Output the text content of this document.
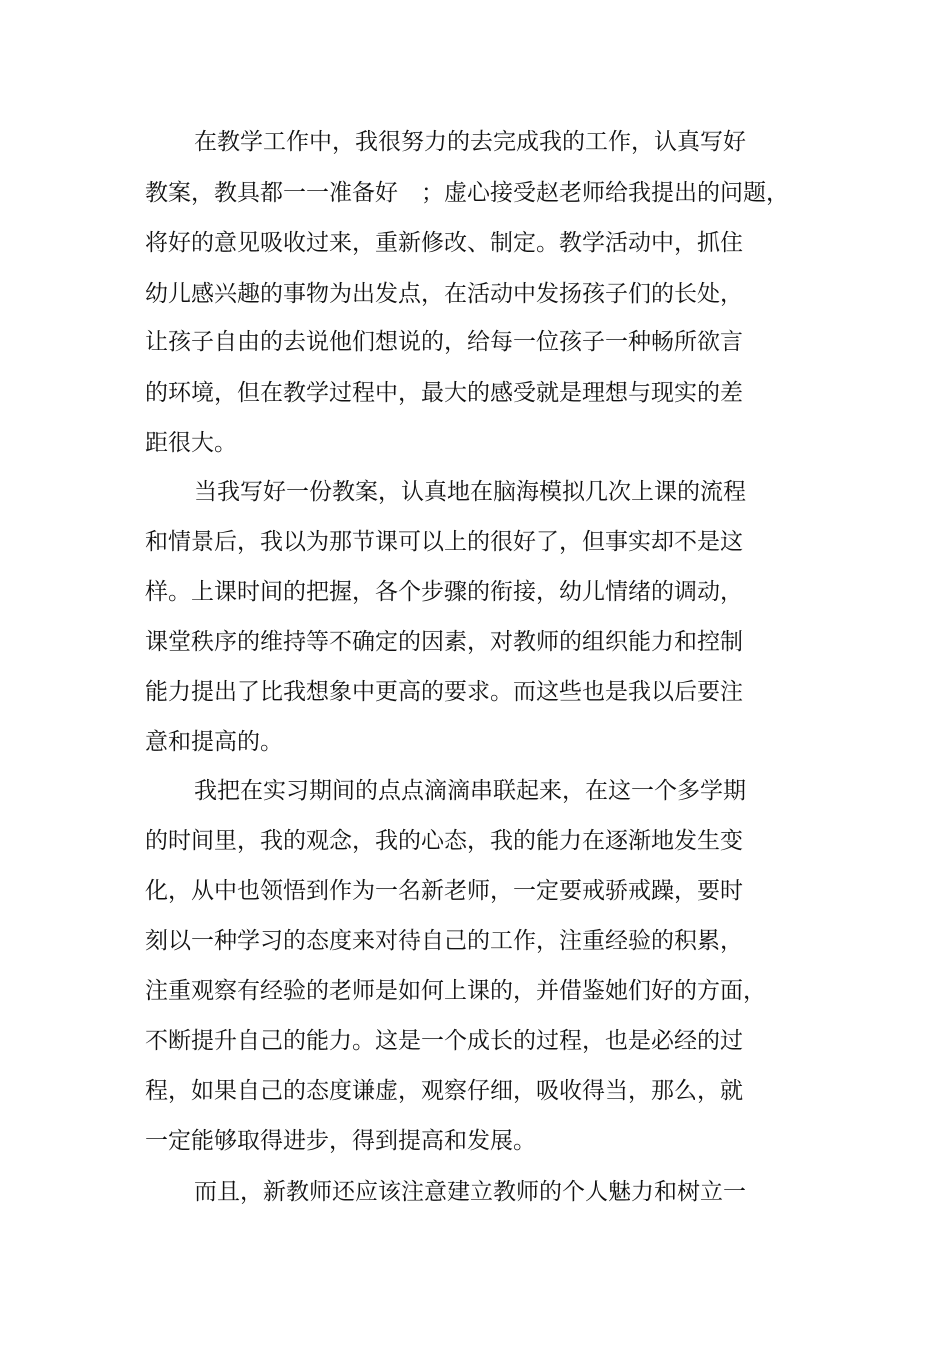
在教学工作中，我很努力的去完成我的工作，认真写好
教案，教具都一一准备好　；虚心接受赵老师给我提出的问题，
将好的意见吸收过来，重新修改、制定。教学活动中，抓住
幼儿感兴趣的事物为出发点，在活动中发扬孩子们的长处，
让孩子自由的去说他们想说的，给每一位孩子一种畅所欲言
的环境，但在教学过程中，最大的感受就是理想与现实的差
距很大。
当我写好一份教案，认真地在脑海模拟几次上课的流程
和情景后，我以为那节课可以上的很好了，但事实却不是这
样。上课时间的把握，各个步骤的衔接，幼儿情绪的调动，
课堂秩序的维持等不确定的因素，对教师的组织能力和控制
能力提出了比我想象中更高的要求。而这些也是我以后要注
意和提高的。
我把在实习期间的点点滴滴串联起来，在这一个多学期
的时间里，我的观念，我的心态，我的能力在逐渐地发生变
化，从中也领悟到作为一名新老师，一定要戒骄戒躁，要时
刻以一种学习的态度来对待自己的工作，注重经验的积累，
注重观察有经验的老师是如何上课的，并借鉴她们好的方面，
不断提升自己的能力。这是一个成长的过程，也是必经的过
程，如果自己的态度谦虚，观察仔细，吸收得当，那么，就
一定能够取得进步，得到提高和发展。
而且，新教师还应该注意建立教师的个人魅力和树立一
